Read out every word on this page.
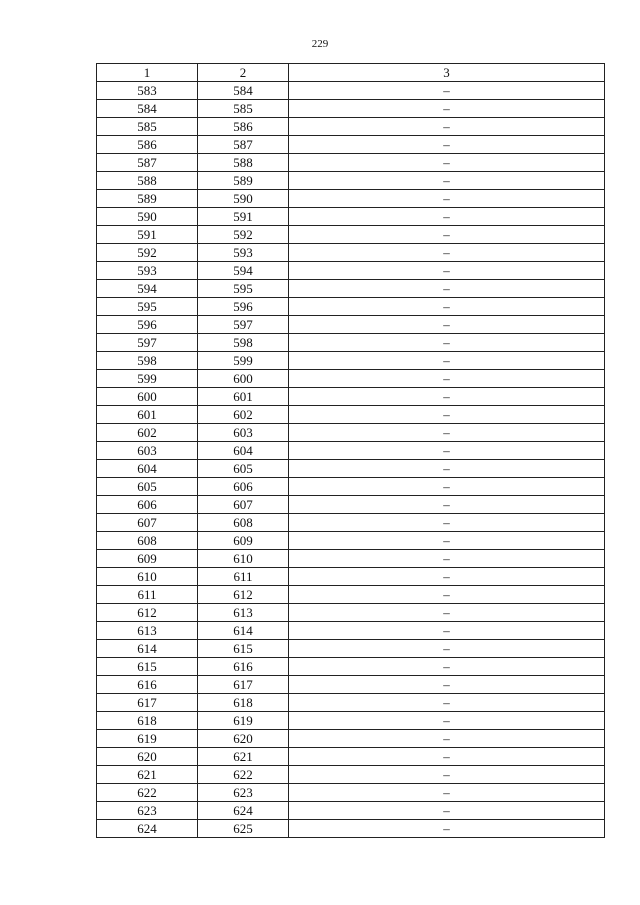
229
1	2	3
583	584	–
584	585	–
585	586	–
586	587	–
587	588	–
588	589	–
589	590	–
590	591	–
591	592	–
592	593	–
593	594	–
594	595	–
595	596	–
596	597	–
597	598	–
598	599	–
599	600	–
600	601	–
601	602	–
602	603	–
603	604	–
604	605	–
605	606	–
606	607	–
607	608	–
608	609	–
609	610	–
610	611	–
611	612	–
612	613	–
613	614	–
614	615	–
615	616	–
616	617	–
617	618	–
618	619	–
619	620	–
620	621	–
621	622	–
622	623	–
623	624	–
624	625	–
